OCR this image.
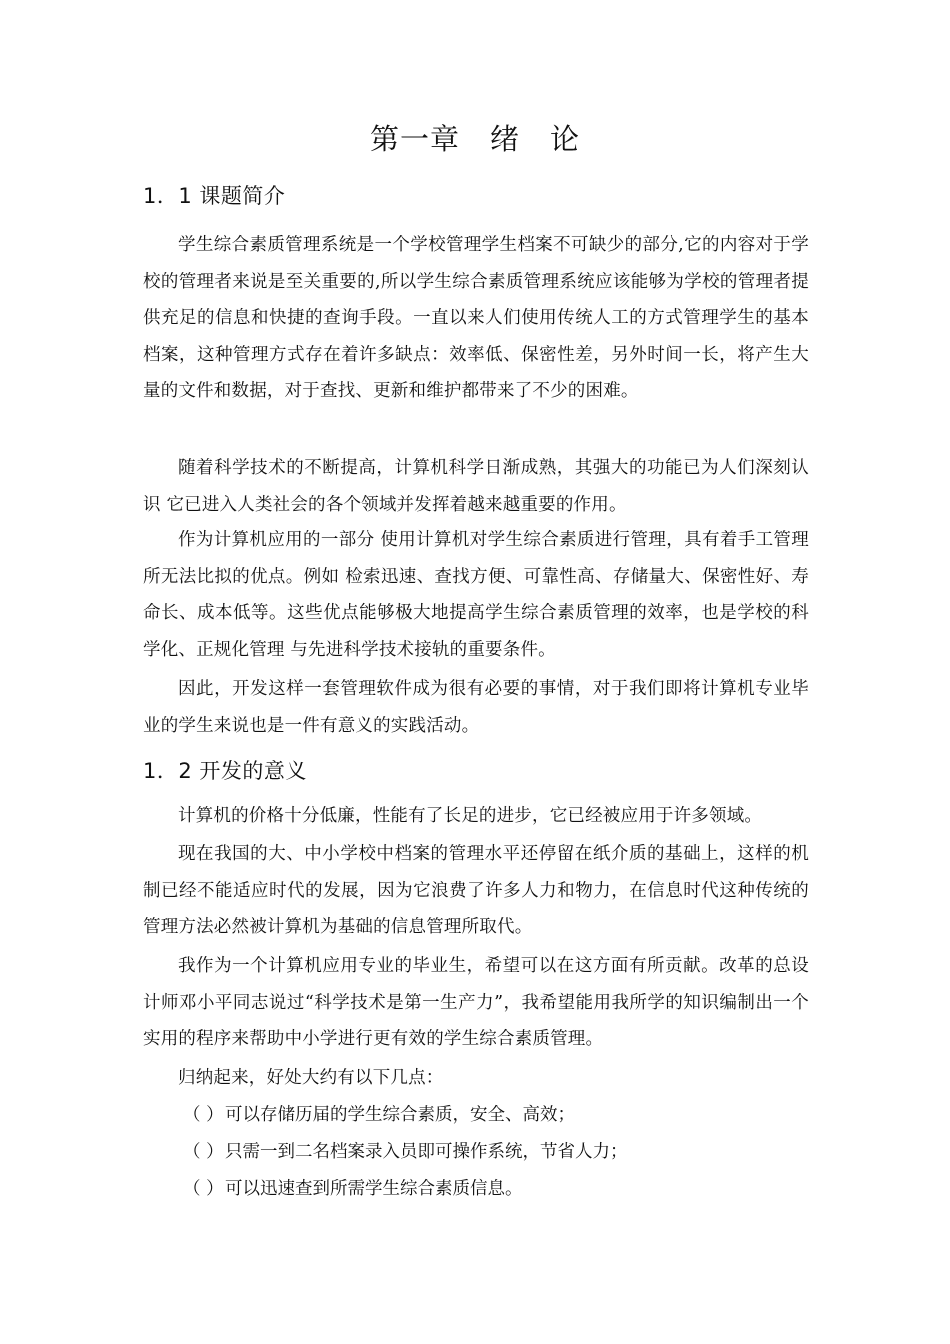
第一章　绪　论
1．1 课题简介

学生综合素质管理系统是一个学校管理学生档案不可缺少的部分,它的内容对于学校的管理者来说是至关重要的,所以学生综合素质管理系统应该能够为学校的管理者提供充足的信息和快捷的查询手段。一直以来人们使用传统人工的方式管理学生的基本档案，这种管理方式存在着许多缺点：效率低、保密性差，另外时间一长，将产生大量的文件和数据，对于查找、更新和维护都带来了不少的困难。

随着科学技术的不断提高，计算机科学日渐成熟，其强大的功能已为人们深刻认识 它已进入人类社会的各个领域并发挥着越来越重要的作用。

作为计算机应用的一部分 使用计算机对学生综合素质进行管理，具有着手工管理所无法比拟的优点。例如 检索迅速、查找方便、可靠性高、存储量大、保密性好、寿命长、成本低等。这些优点能够极大地提高学生综合素质管理的效率，也是学校的科学化、正规化管理 与先进科学技术接轨的重要条件。

因此，开发这样一套管理软件成为很有必要的事情，对于我们即将计算机专业毕业的学生来说也是一件有意义的实践活动。

1．2 开发的意义

计算机的价格十分低廉，性能有了长足的进步，它已经被应用于许多领域。

现在我国的大、中小学校中档案的管理水平还停留在纸介质的基础上，这样的机制已经不能适应时代的发展，因为它浪费了许多人力和物力，在信息时代这种传统的管理方法必然被计算机为基础的信息管理所取代。

我作为一个计算机应用专业的毕业生，希望可以在这方面有所贡献。改革的总设计师邓小平同志说过“科学技术是第一生产力”，我希望能用我所学的知识编制出一个实用的程序来帮助中小学进行更有效的学生综合素质管理。

归纳起来，好处大约有以下几点：

（ ）可以存储历届的学生综合素质，安全、高效；

（ ）只需一到二名档案录入员即可操作系统，节省人力；

（ ）可以迅速查到所需学生综合素质信息。
